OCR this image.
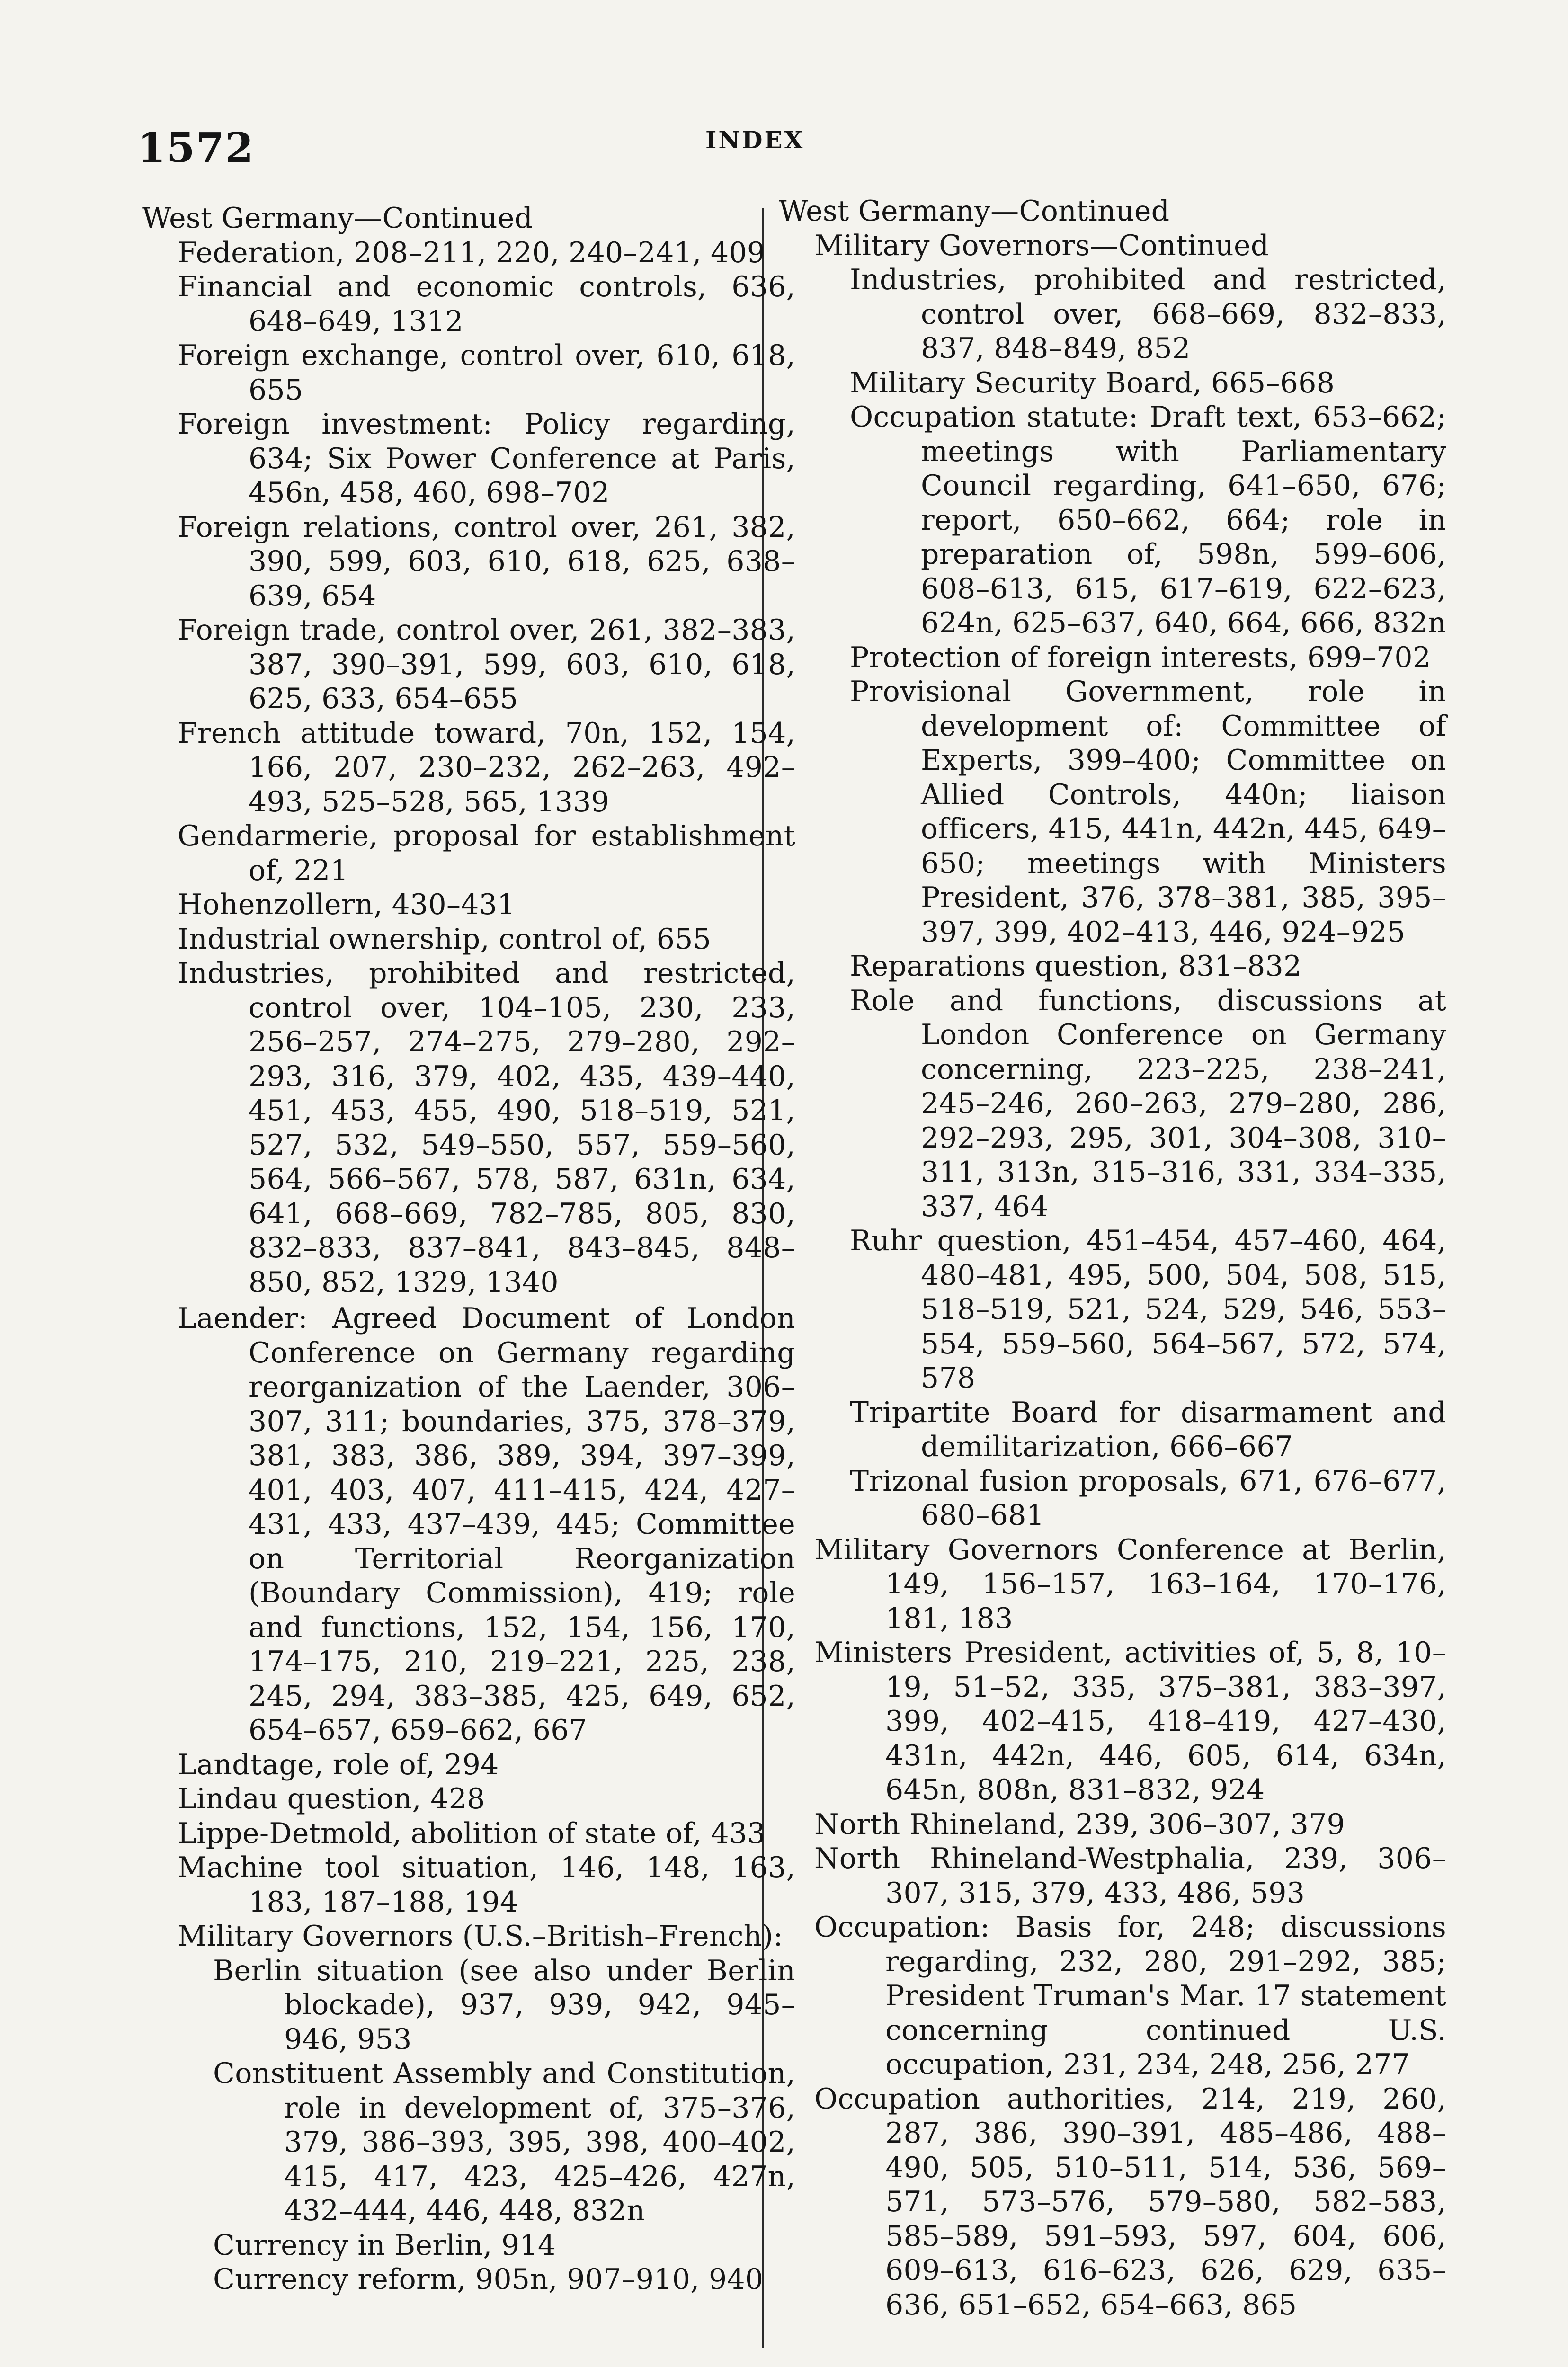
1572	INDEX
West Germany—Continued
Federation, 208–211, 220, 240–241, 409
Financial and economic controls, 636, 648–649, 1312
Foreign exchange, control over, 610, 618, 655
Foreign investment: Policy regarding, 634; Six Power Conference at Paris, 456n, 458, 460, 698–702
Foreign relations, control over, 261, 382, 390, 599, 603, 610, 618, 625, 638–639, 654
Foreign trade, control over, 261, 382–383, 387, 390–391, 599, 603, 610, 618, 625, 633, 654–655
French attitude toward, 70n, 152, 154, 166, 207, 230–232, 262–263, 492–493, 525–528, 565, 1339
Gendarmerie, proposal for establishment of, 221
Hohenzollern, 430–431
Industrial ownership, control of, 655
Industries, prohibited and restricted, control over, 104–105, 230, 233, 256–257, 274–275, 279–280, 292–293, 316, 379, 402, 435, 439–440, 451, 453, 455, 490, 518–519, 521, 527, 532, 549–550, 557, 559–560, 564, 566–567, 578, 587, 631n, 634, 641, 668–669, 782–785, 805, 830, 832–833, 837–841, 843–845, 848–850, 852, 1329, 1340
Laender: Agreed Document of London Conference on Germany regarding reorganization of the Laender, 306–307, 311; boundaries, 375, 378–379, 381, 383, 386, 389, 394, 397–399, 401, 403, 407, 411–415, 424, 427–431, 433, 437–439, 445; Committee on Territorial Reorganization (Boundary Commission), 419; role and functions, 152, 154, 156, 170, 174–175, 210, 219–221, 225, 238, 245, 294, 383–385, 425, 649, 652, 654–657, 659–662, 667
Landtage, role of, 294
Lindau question, 428
Lippe-Detmold, abolition of state of, 433
Machine tool situation, 146, 148, 163, 183, 187–188, 194
Military Governors (U.S.–British–French):
Berlin situation (see also under Berlin blockade), 937, 939, 942, 945–946, 953
Constituent Assembly and Constitution, role in development of, 375–376, 379, 386–393, 395, 398, 400–402, 415, 417, 423, 425–426, 427n, 432–444, 446, 448, 832n
Currency in Berlin, 914
Currency reform, 905n, 907–910, 940
West Germany—Continued
Military Governors—Continued
Industries, prohibited and restricted, control over, 668–669, 832–833, 837, 848–849, 852
Military Security Board, 665–668
Occupation statute: Draft text, 653–662; meetings with Parliamentary Council regarding, 641–650, 676; report, 650–662, 664; role in preparation of, 598n, 599–606, 608–613, 615, 617–619, 622–623, 624n, 625–637, 640, 664, 666, 832n
Protection of foreign interests, 699–702
Provisional Government, role in development of: Committee of Experts, 399–400; Committee on Allied Controls, 440n; liaison officers, 415, 441n, 442n, 445, 649–650; meetings with Ministers President, 376, 378–381, 385, 395–397, 399, 402–413, 446, 924–925
Reparations question, 831–832
Role and functions, discussions at London Conference on Germany concerning, 223–225, 238–241, 245–246, 260–263, 279–280, 286, 292–293, 295, 301, 304–308, 310–311, 313n, 315–316, 331, 334–335, 337, 464
Ruhr question, 451–454, 457–460, 464, 480–481, 495, 500, 504, 508, 515, 518–519, 521, 524, 529, 546, 553–554, 559–560, 564–567, 572, 574, 578
Tripartite Board for disarmament and demilitarization, 666–667
Trizonal fusion proposals, 671, 676–677, 680–681
Military Governors Conference at Berlin, 149, 156–157, 163–164, 170–176, 181, 183
Ministers President, activities of, 5, 8, 10–19, 51–52, 335, 375–381, 383–397, 399, 402–415, 418–419, 427–430, 431n, 442n, 446, 605, 614, 634n, 645n, 808n, 831–832, 924
North Rhineland, 239, 306–307, 379
North Rhineland-Westphalia, 239, 306–307, 315, 379, 433, 486, 593
Occupation: Basis for, 248; discussions regarding, 232, 280, 291–292, 385; President Truman's Mar. 17 statement concerning continued U.S. occupation, 231, 234, 248, 256, 277
Occupation authorities, 214, 219, 260, 287, 386, 390–391, 485–486, 488–490, 505, 510–511, 514, 536, 569–571, 573–576, 579–580, 582–583, 585–589, 591–593, 597, 604, 606, 609–613, 616–623, 626, 629, 635–636, 651–652, 654–663, 865
